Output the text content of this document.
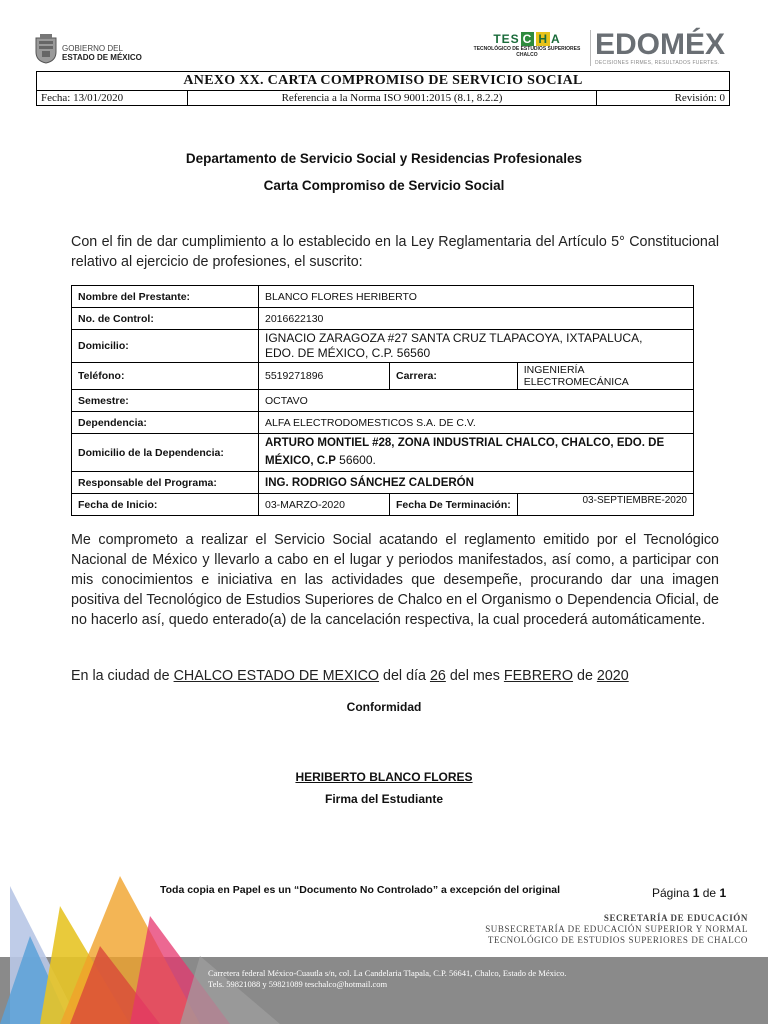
GOBIERNO DEL
ESTADO DE MÉXICO
TES C H A
TECNOLÓGICO DE ESTUDIOS SUPERIORES
CHALCO	EDOMÉX
DECISIONES FIRMES, RESULTADOS FUERTES.
ANEXO XX. CARTA COMPROMISO DE SERVICIO SOCIAL
Fecha: 13/01/2020	Referencia a la Norma ISO 9001:2015 (8.1, 8.2.2)	Revisión: 0
Departamento de Servicio Social y Residencias Profesionales
Carta Compromiso de Servicio Social
Con el fin de dar cumplimiento a lo establecido en la Ley Reglamentaria del Artículo 5° Constitucional relativo al ejercicio de profesiones, el suscrito:
Nombre del Prestante:	BLANCO FLORES HERIBERTO		
No. de Control:	2016622130		
Domicilio:	IGNACIO ZARAGOZA #27 SANTA CRUZ TLAPACOYA, IXTAPALUCA,
EDO. DE MÉXICO, C.P. 56560		

Teléfono:	5519271896	Carrera:	INGENIERÍA ELECTROMECÁNICA
Semestre:	OCTAVO		
Dependencia:	ALFA ELECTRODOMESTICOS S.A. DE C.V.		
Domicilio de la Dependencia:	ARTURO MONTIEL #28, ZONA INDUSTRIAL CHALCO, CHALCO, EDO. DE
MÉXICO, C.P 56600.		

Responsable del Programa:	ING. RODRIGO SÁNCHEZ CALDERÓN		
Fecha de Inicio:	03-MARZO-2020	Fecha De Terminación:	03-SEPTIEMBRE-2020
Me comprometo a realizar el Servicio Social acatando el reglamento emitido por el Tecnológico Nacional de México y llevarlo a cabo en el lugar y periodos manifestados, así como, a participar con mis conocimientos e iniciativa en las actividades que desempeñe, procurando dar una imagen positiva del Tecnológico de Estudios Superiores de Chalco en el Organismo o Dependencia Oficial, de no hacerlo así, quedo enterado(a) de la cancelación respectiva, la cual procederá automáticamente.
En la ciudad de CHALCO ESTADO DE MEXICO del día 26 del mes FEBRERO de 2020
Conformidad
HERIBERTO BLANCO FLORES
Firma del Estudiante
Toda copia en Papel es un “Documento No Controlado” a excepción del original	Página 1 de 1
SECRETARÍA DE EDUCACIÓN
SUBSECRETARÍA DE EDUCACIÓN SUPERIOR Y NORMAL
TECNOLÓGICO DE ESTUDIOS SUPERIORES DE CHALCO
Carretera federal México-Cuautla s/n, col. La Candelaria Tlapala, C.P. 56641, Chalco, Estado de México.
Tels. 59821088 y 59821089 teschalco@hotmail.com
